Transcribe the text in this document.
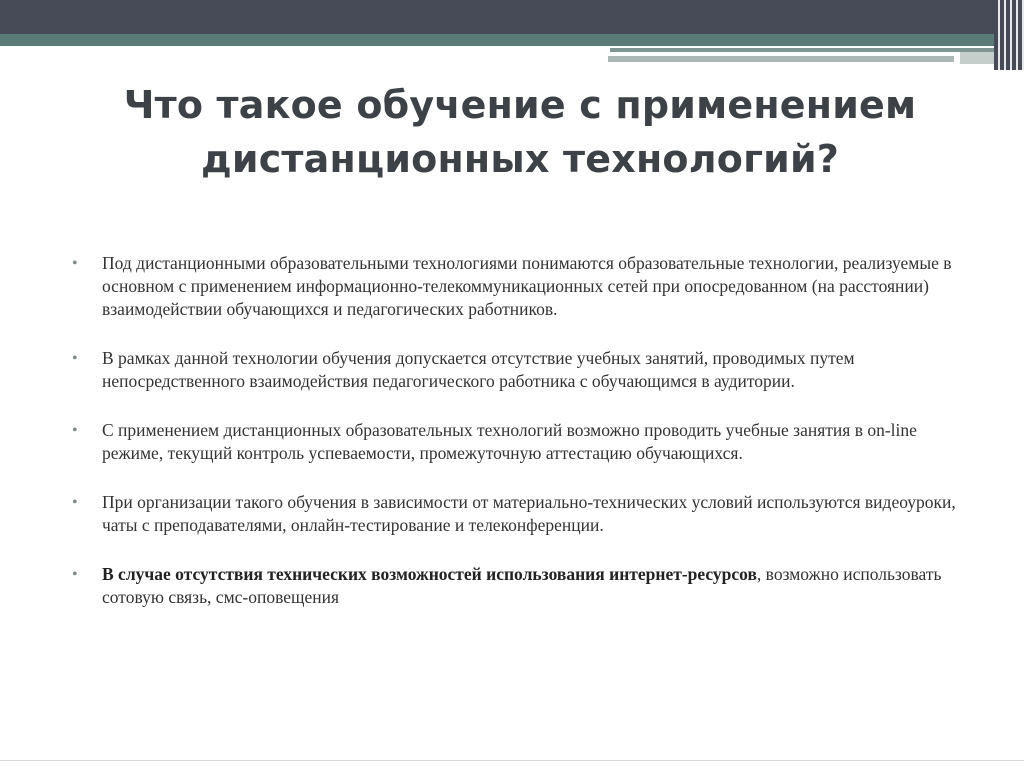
Что такое обучение с применением дистанционных технологий?

• Под дистанционными образовательными технологиями понимаются образовательные технологии, реализуемые в основном с применением информационно-телекоммуникационных сетей при опосредованном (на расстоянии) взаимодействии обучающихся и педагогических работников.

• В рамках данной технологии обучения допускается отсутствие учебных занятий, проводимых путем непосредственного взаимодействия педагогического работника с обучающимся в аудитории.

• С применением дистанционных образовательных технологий возможно проводить учебные занятия в on-line режиме, текущий контроль успеваемости, промежуточную аттестацию обучающихся.

• При организации такого обучения в зависимости от материально-технических условий используются видеоуроки, чаты с преподавателями, онлайн-тестирование и телеконференции.

• В случае отсутствия технических возможностей использования интернет-ресурсов, возможно использовать сотовую связь, смс-оповещения
